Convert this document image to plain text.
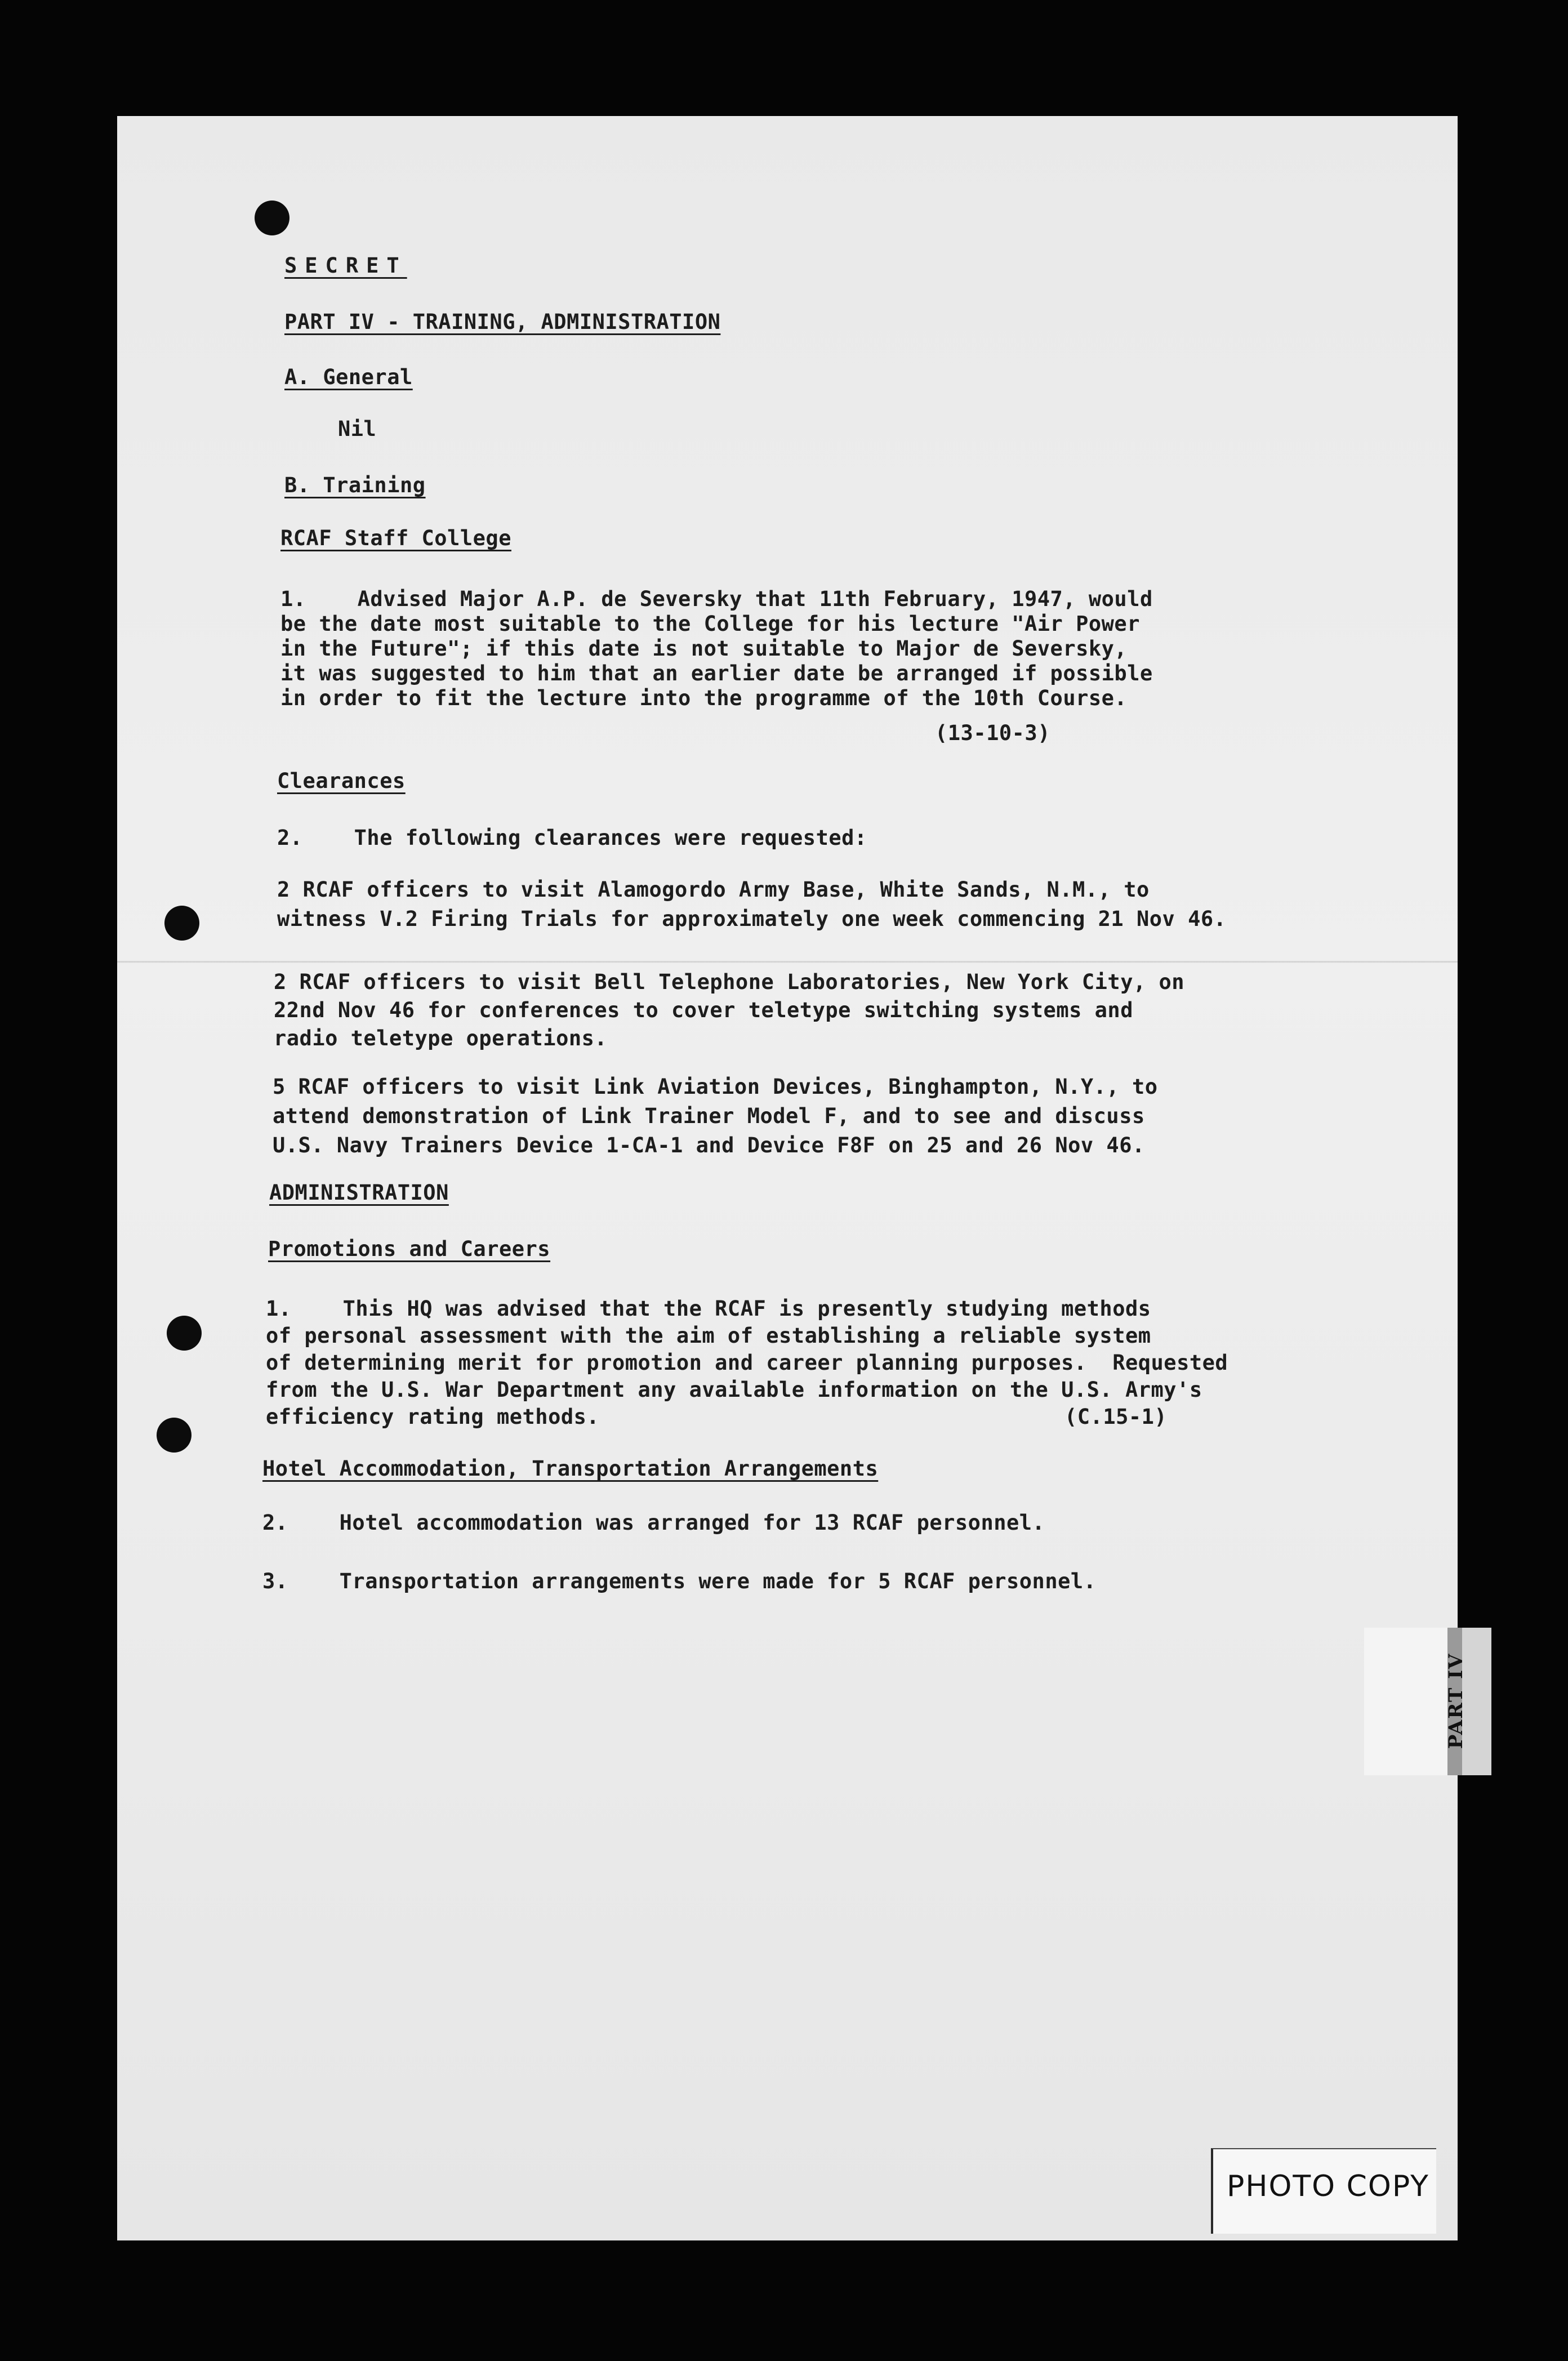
SECRET

PART IV - TRAINING, ADMINISTRATION

A. General

Nil

B. Training

RCAF Staff College

1.    Advised Major A.P. de Seversky that 11th February, 1947, would

be the date most suitable to the College for his lecture "Air Power

in the Future"; if this date is not suitable to Major de Seversky,

it was suggested to him that an earlier date be arranged if possible

in order to fit the lecture into the programme of the 10th Course.

(13-10-3)

Clearances

2.    The following clearances were requested:

2 RCAF officers to visit Alamogordo Army Base, White Sands, N.M., to

witness V.2 Firing Trials for approximately one week commencing 21 Nov 46.

2 RCAF officers to visit Bell Telephone Laboratories, New York City, on

22nd Nov 46 for conferences to cover teletype switching systems and

radio teletype operations.

5 RCAF officers to visit Link Aviation Devices, Binghampton, N.Y., to

attend demonstration of Link Trainer Model F, and to see and discuss

U.S. Navy Trainers Device 1-CA-1 and Device F8F on 25 and 26 Nov 46.

ADMINISTRATION

Promotions and Careers

1.    This HQ was advised that the RCAF is presently studying methods

of personal assessment with the aim of establishing a reliable system

of determining merit for promotion and career planning purposes.  Requested

from the U.S. War Department any available information on the U.S. Army's

efficiency rating methods.	(C.15-1)

Hotel Accommodation, Transportation Arrangements

2.    Hotel accommodation was arranged for 13 RCAF personnel.

3.    Transportation arrangements were made for 5 RCAF personnel.

PART IV
PHOTO COPY
